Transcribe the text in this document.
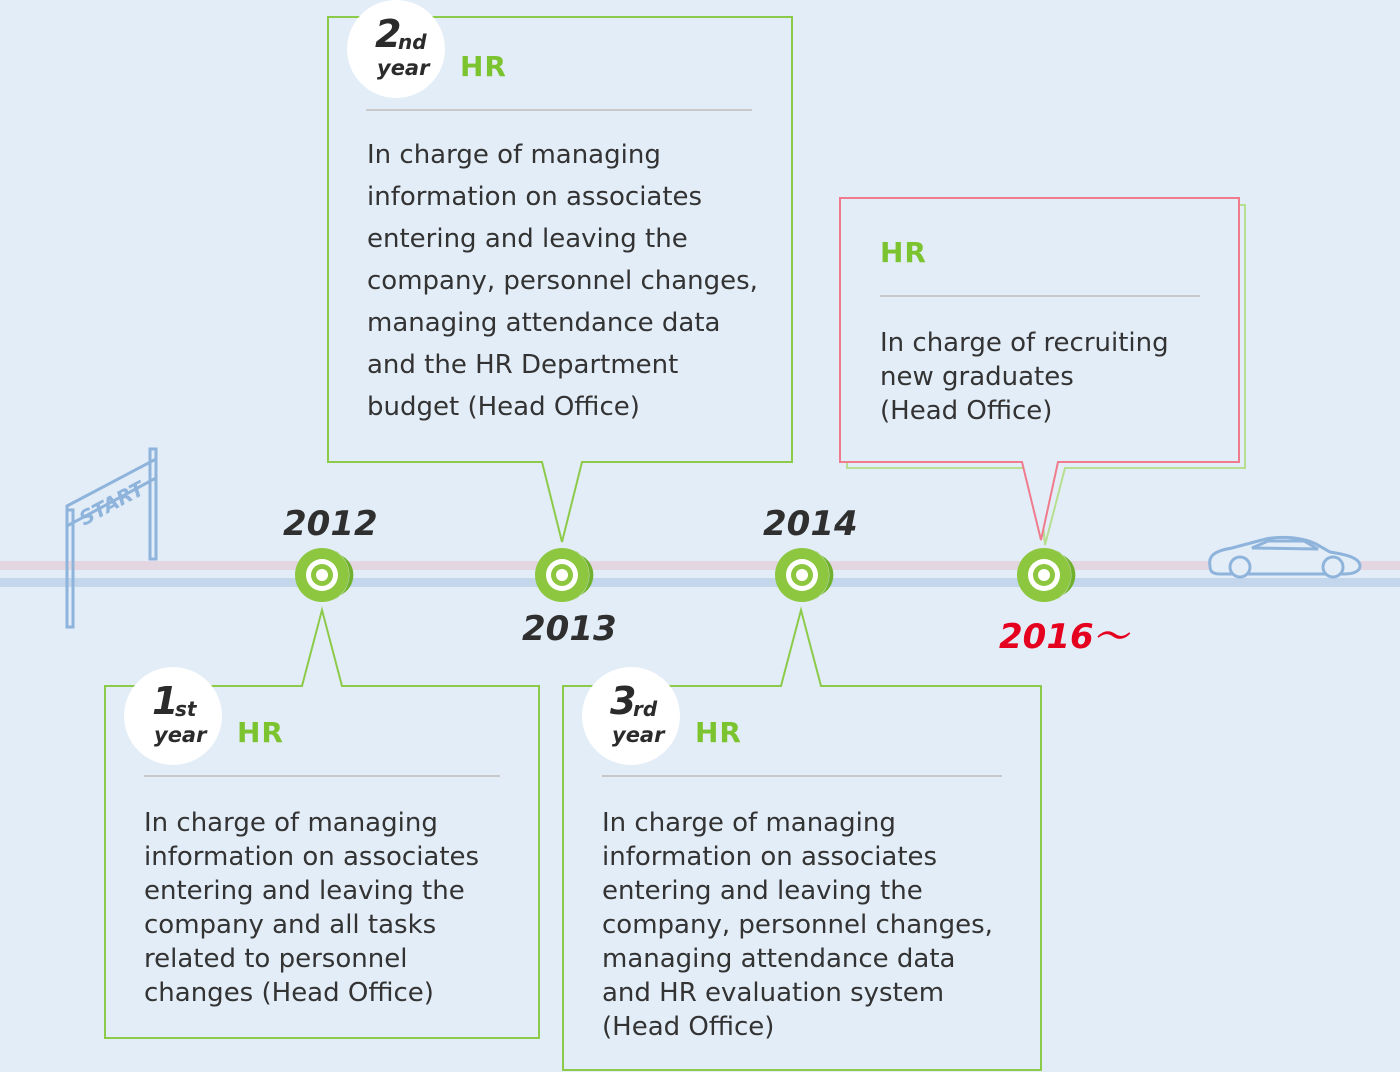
START	2012
2013
2014
2016～
1
st
year HR
In charge of managing
information on associates
entering and leaving the
company and all tasks
related to personnel
changes (Head Office)
2
nd
year HR
In charge of managing
information on associates
entering and leaving the
company, personnel changes,
managing attendance data
and the HR Department
budget (Head Office)
3
rd
year HR
In charge of managing
information on associates
entering and leaving the
company, personnel changes,
managing attendance data
and HR evaluation system
(Head Office)
HR
In charge of recruiting
new graduates
(Head Office)
